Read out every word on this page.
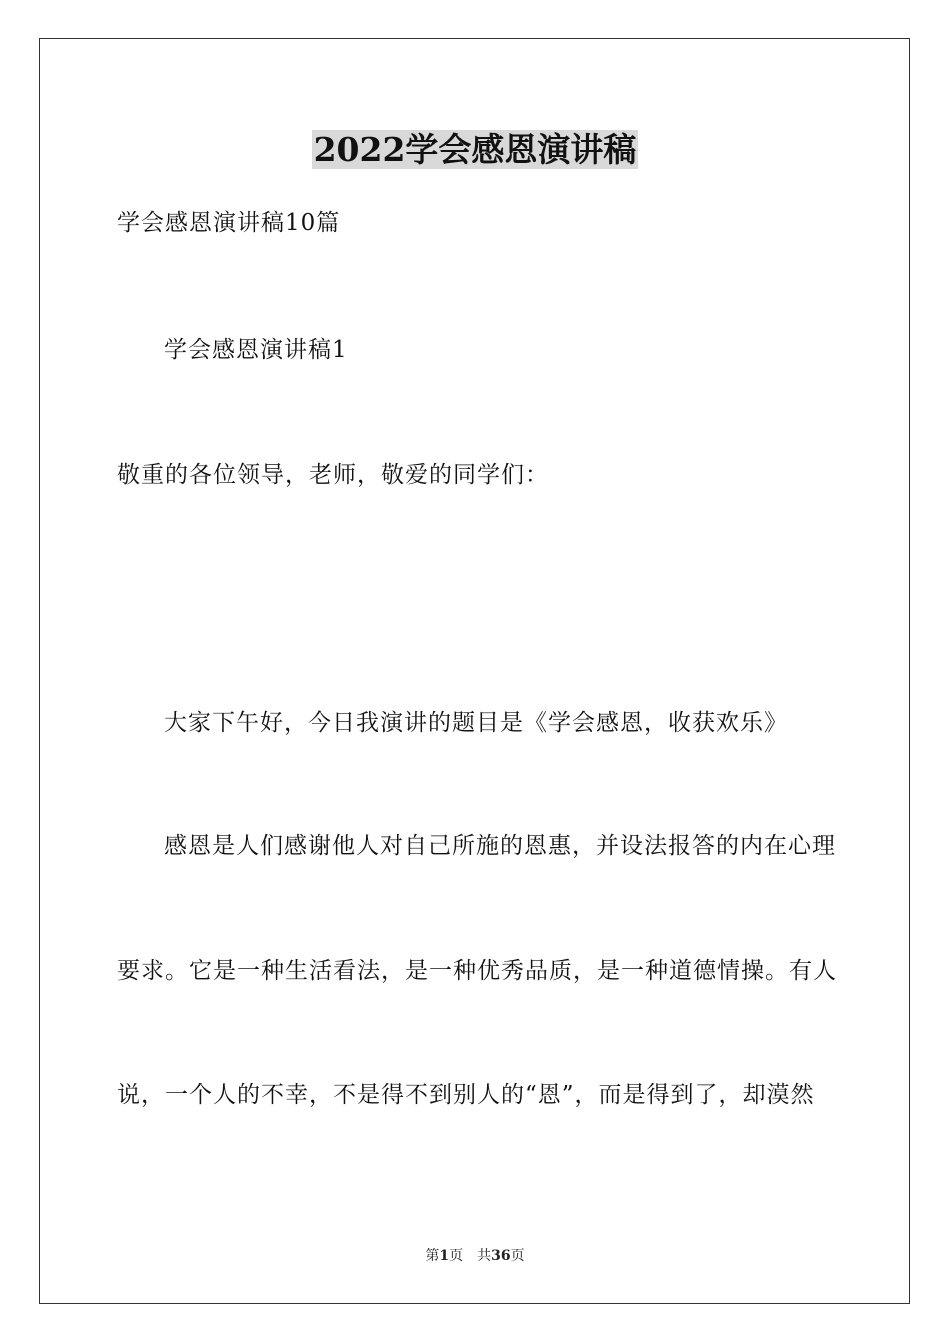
2022学会感恩演讲稿
学会感恩演讲稿10篇
学会感恩演讲稿1
敬重的各位领导，老师，敬爱的同学们：
大家下午好，今日我演讲的题目是《学会感恩，收获欢乐》
感恩是人们感谢他人对自己所施的恩惠，并设法报答的内在心理
要求。它是一种生活看法，是一种优秀品质，是一种道德情操。有人
说，一个人的不幸，不是得不到别人的“恩”，而是得到了，却漠然
第1页　共36页
